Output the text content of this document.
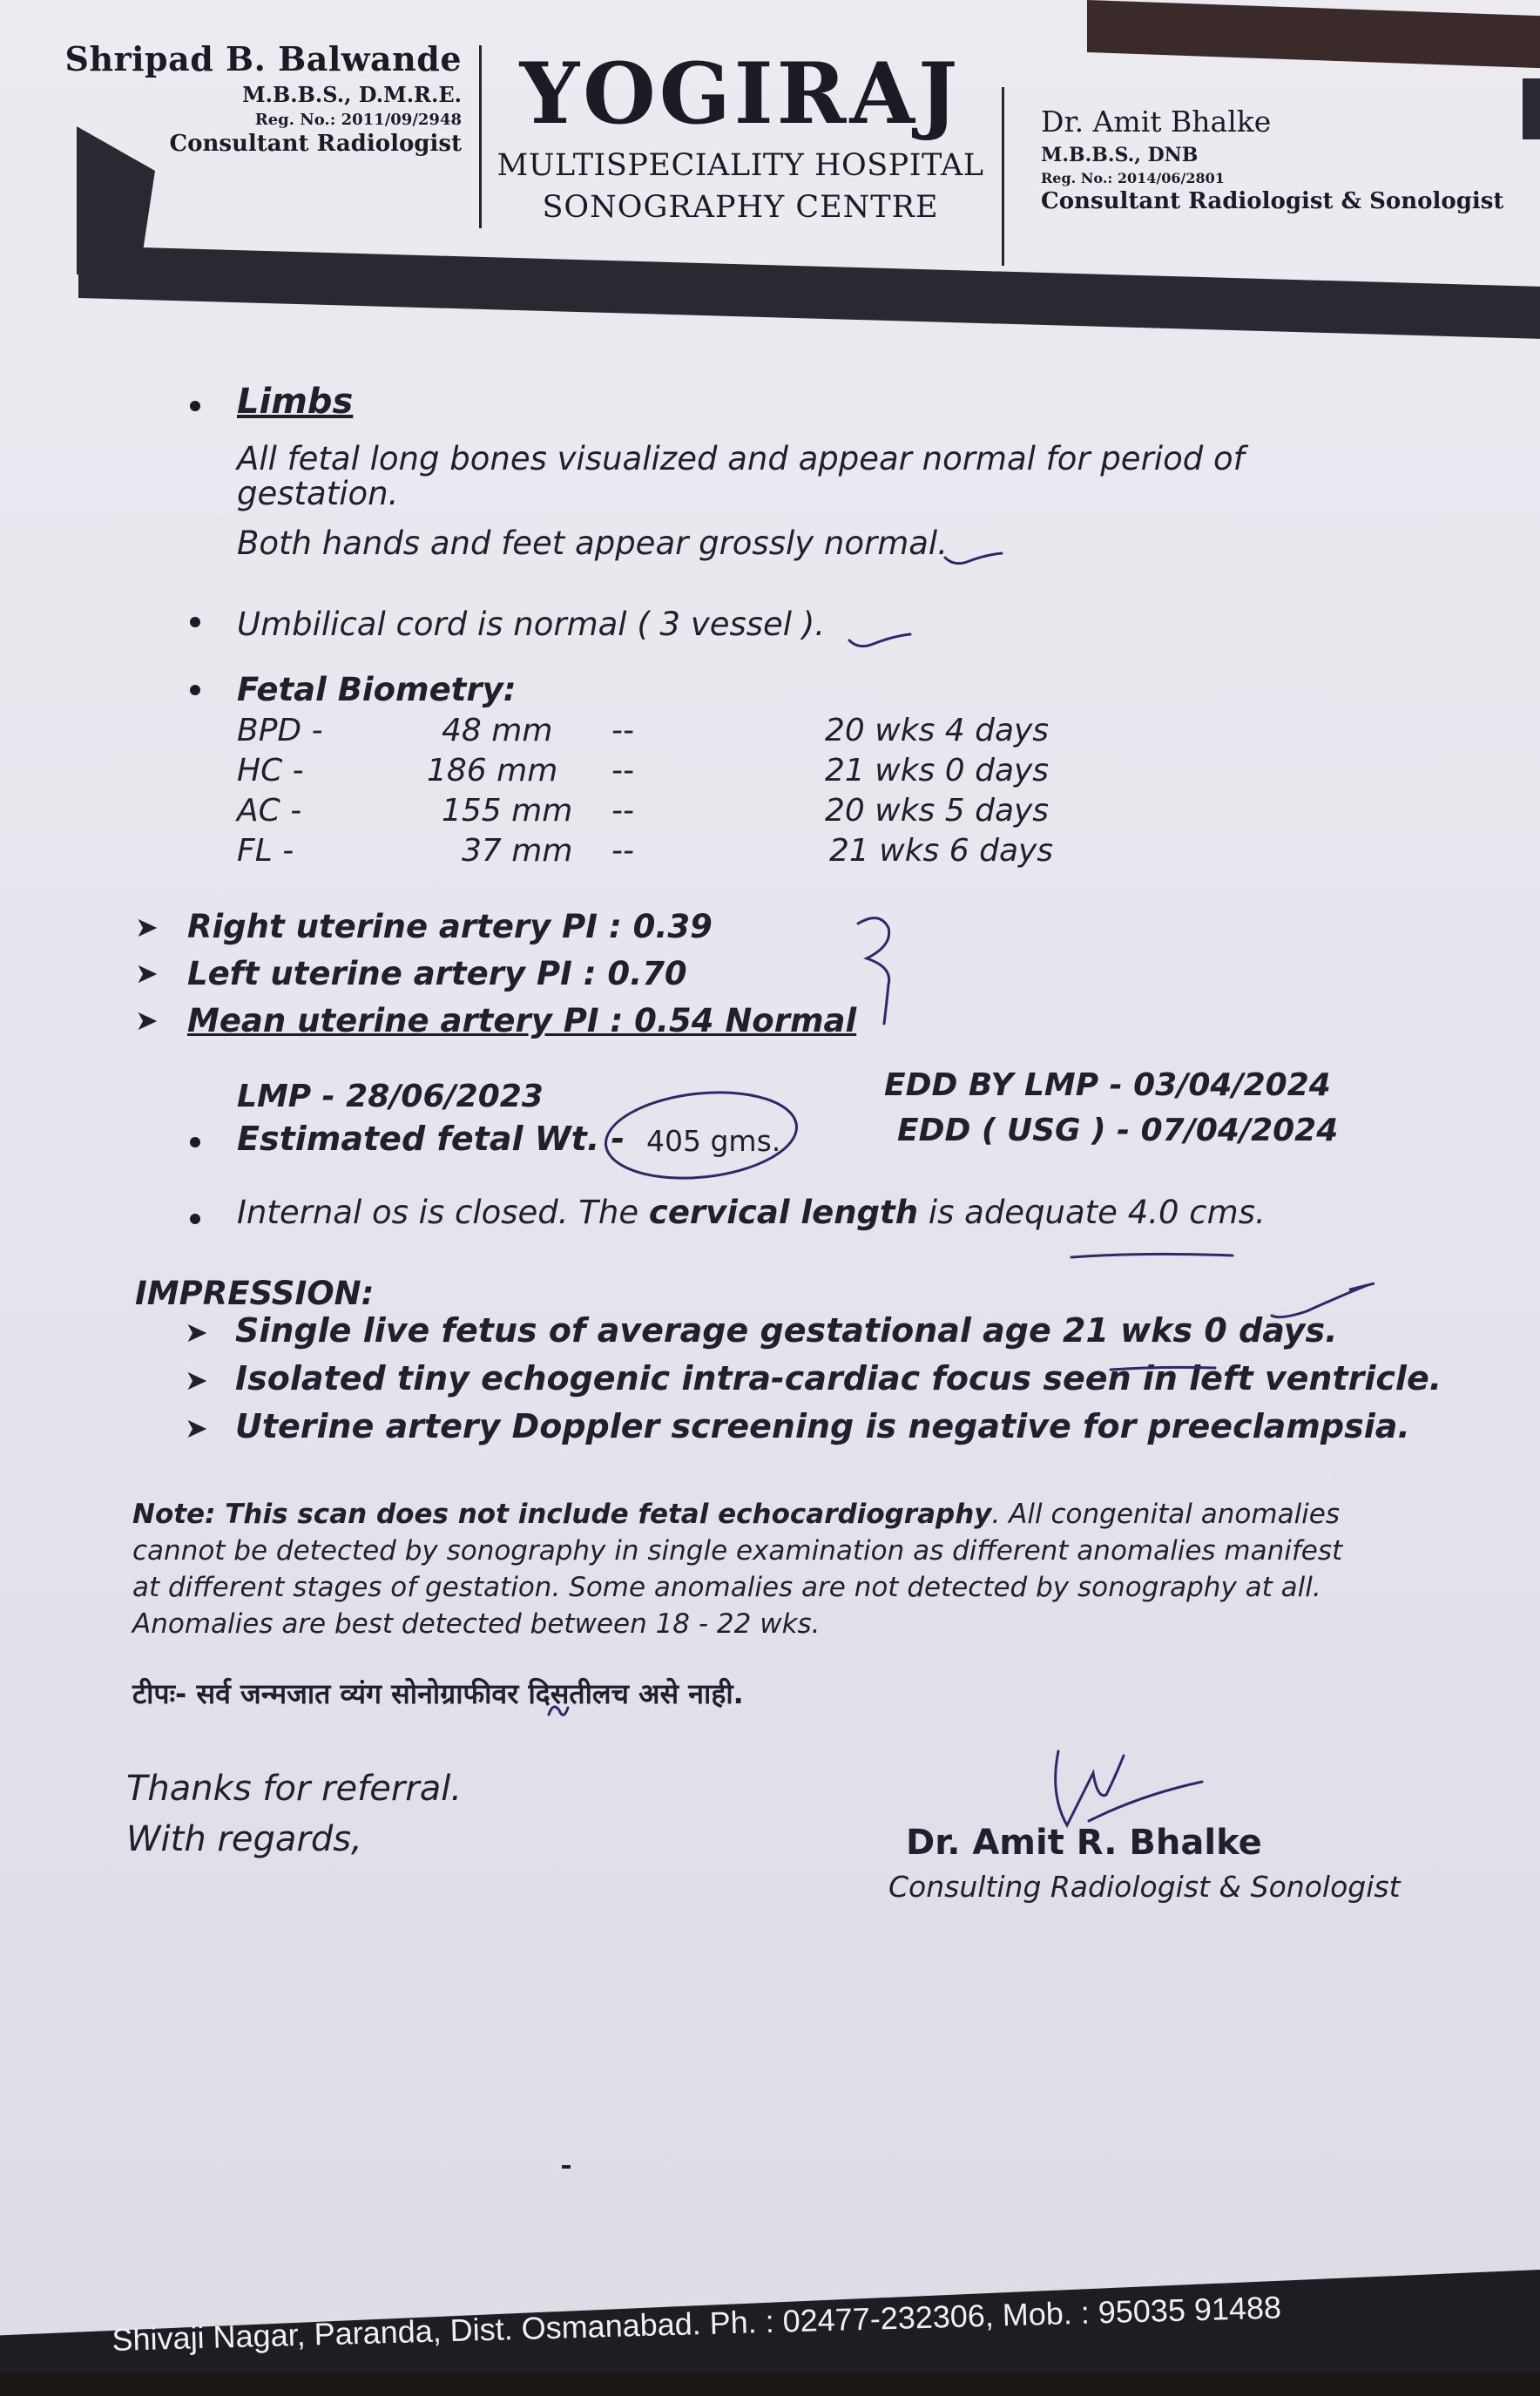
Shripad B. Balwande
M.B.B.S., D.M.R.E.
Reg. No.: 2011/09/2948
Consultant Radiologist
YOGIRAJ
MULTISPECIALITY HOSPITAL
SONOGRAPHY CENTRE
Dr. Amit Bhalke
M.B.B.S., DNB
Reg. No.: 2014/06/2801
Consultant Radiologist & Sonologist
Limbs
All fetal long bones visualized and appear normal for period of
gestation.
Both hands and feet appear grossly normal.
Umbilical cord is normal ( 3 vessel ).
Fetal Biometry:
BPD -	48 mm --	20 wks 4 days
HC -	186 mm --	21 wks 0 days
AC -	155 mm --	20 wks 5 days
FL -	37 mm --	21 wks 6 days
➤ Right uterine artery PI : 0.39
➤ Left uterine artery PI : 0.70
➤ Mean uterine artery PI : 0.54 Normal
LMP - 28/06/2023
Estimated fetal Wt. - 405 gms.
EDD BY LMP - 03/04/2024
EDD ( USG ) - 07/04/2024
Internal os is closed. The cervical length is adequate 4.0 cms.
IMPRESSION:
➤ Single live fetus of average gestational age 21 wks 0 days.
➤ Isolated tiny echogenic intra-cardiac focus seen in left ventricle.
➤ Uterine artery Doppler screening is negative for preeclampsia.
Note: This scan does not include fetal echocardiography. All congenital anomalies
cannot be detected by sonography in single examination as different anomalies manifest
at different stages of gestation. Some anomalies are not detected by sonography at all.
Anomalies are best detected between 18 - 22 wks.
टीपः- सर्व जन्मजात व्यंग सोनोग्राफीवर दिसतीलच असे नाही.
Thanks for referral.
With regards,	Dr. Amit R. Bhalke
Consulting Radiologist & Sonologist
Shivaji Nagar, Paranda, Dist. Osmanabad. Ph. : 02477-232306, Mob. : 95035 91488
